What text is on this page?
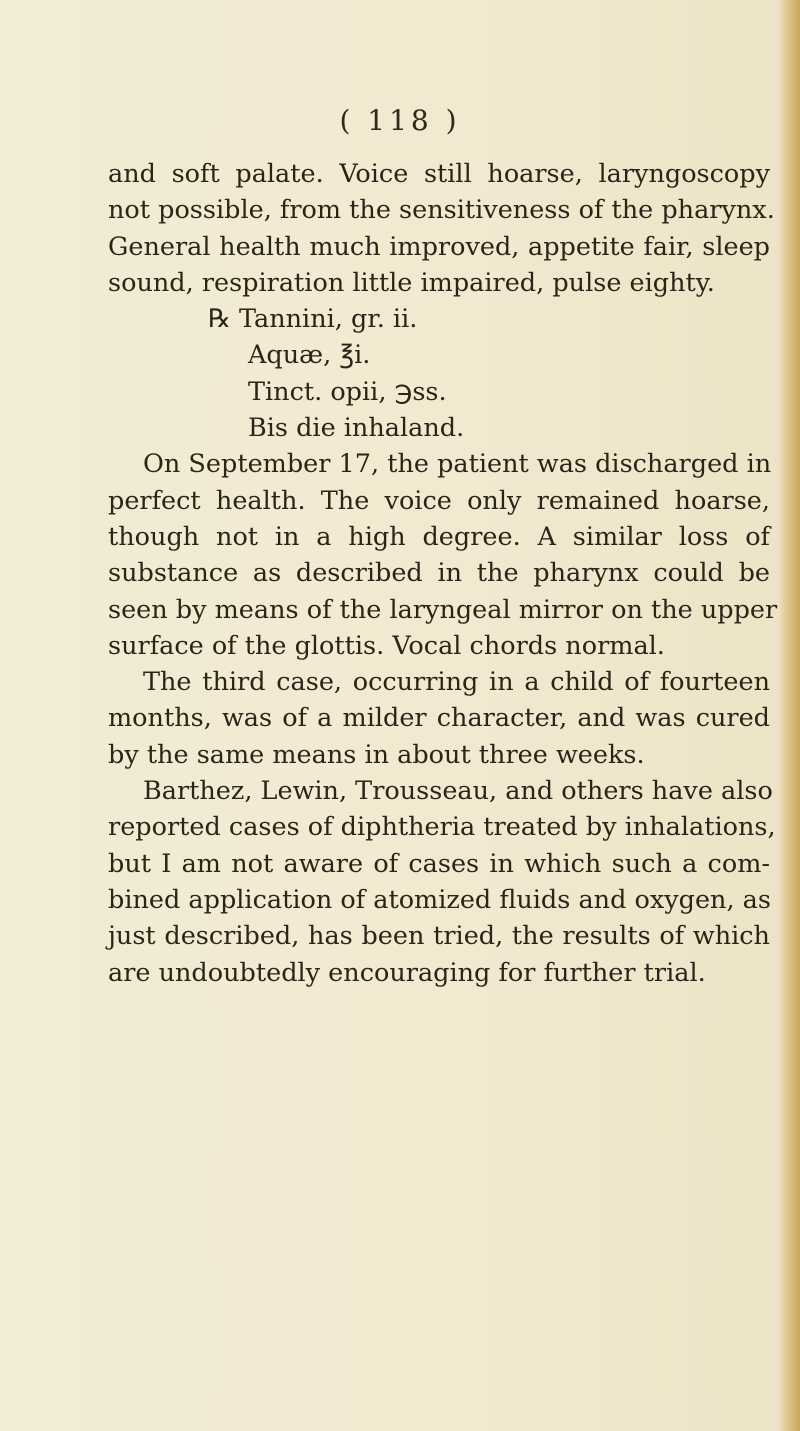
( 118 )
and soft palate. Voice still hoarse, laryngoscopy
not possible, from the sensitiveness of the pharynx.
General health much improved, appetite fair, sleep
sound, respiration little impaired, pulse eighty.
℞ Tannini, gr. ii.
Aquæ, ℥i.
Tinct. opii, ℈ss.
Bis die inhaland.
On September 17, the patient was discharged in
perfect health. The voice only remained hoarse,
though not in a high degree. A similar loss of
substance as described in the pharynx could be
seen by means of the laryngeal mirror on the upper
surface of the glottis. Vocal chords normal.
The third case, occurring in a child of fourteen
months, was of a milder character, and was cured
by the same means in about three weeks.
Barthez, Lewin, Trousseau, and others have also
reported cases of diphtheria treated by inhalations,
but I am not aware of cases in which such a com-
bined application of atomized fluids and oxygen, as
just described, has been tried, the results of which
are undoubtedly encouraging for further trial.
